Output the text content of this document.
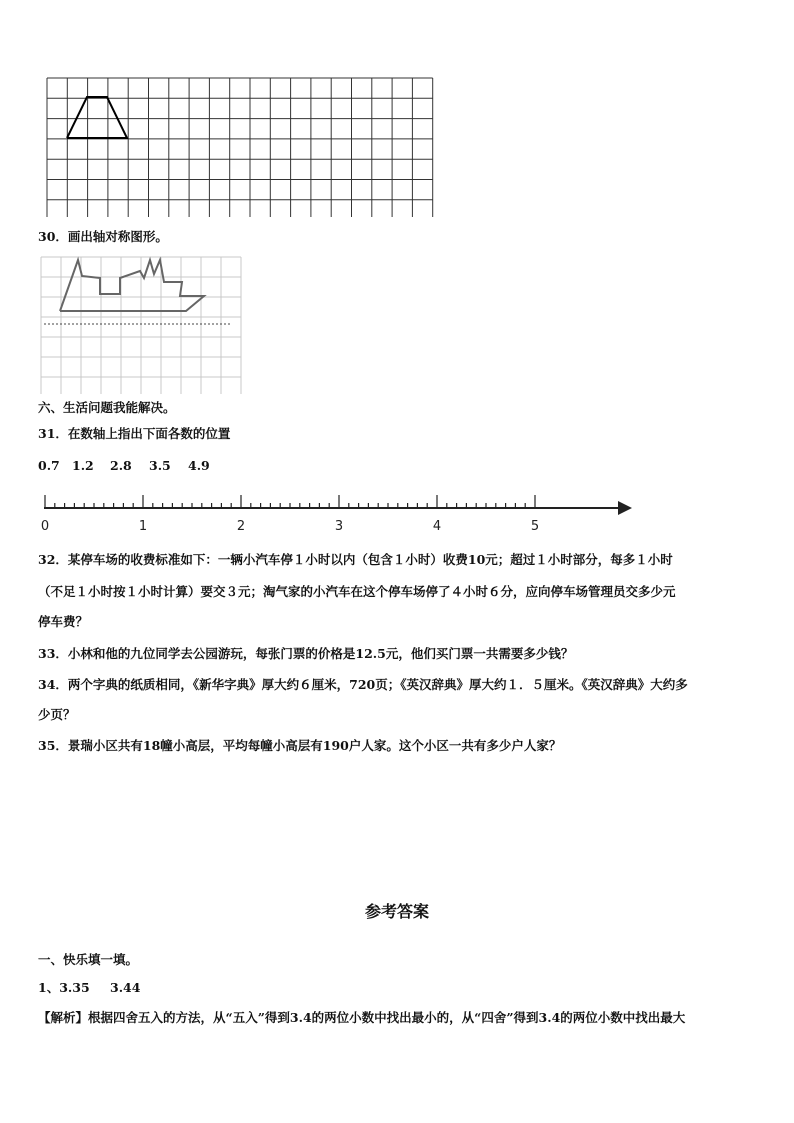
30．画出轴对称图形。
六、生活问题我能解决。
31．在数轴上指出下面各数的位置
0.7 1.2 2.8 3.5 4.9
0	1	2	3	4	5
32．某停车场的收费标准如下：一辆小汽车停１小时以内（包含１小时）收费10元；超过１小时部分，每多１小时
（不足１小时按１小时计算）要交３元；淘气家的小汽车在这个停车场停了４小时６分，应向停车场管理员交多少元
停车费？
33．小林和他的九位同学去公园游玩，每张门票的价格是12.5元，他们买门票一共需要多少钱？
34．两个字典的纸质相同，《新华字典》厚大约６厘米，720页；《英汉辞典》厚大约１．５厘米。《英汉辞典》大约多
少页？
35．景瑞小区共有18幢小高层，平均每幢小高层有190户人家。这个小区一共有多少户人家？
参考答案
一、快乐填一填。
1、3.35 3.44
【解析】根据四舍五入的方法，从“五入”得到3.4的两位小数中找出最小的，从“四舍”得到3.4的两位小数中找出最大
